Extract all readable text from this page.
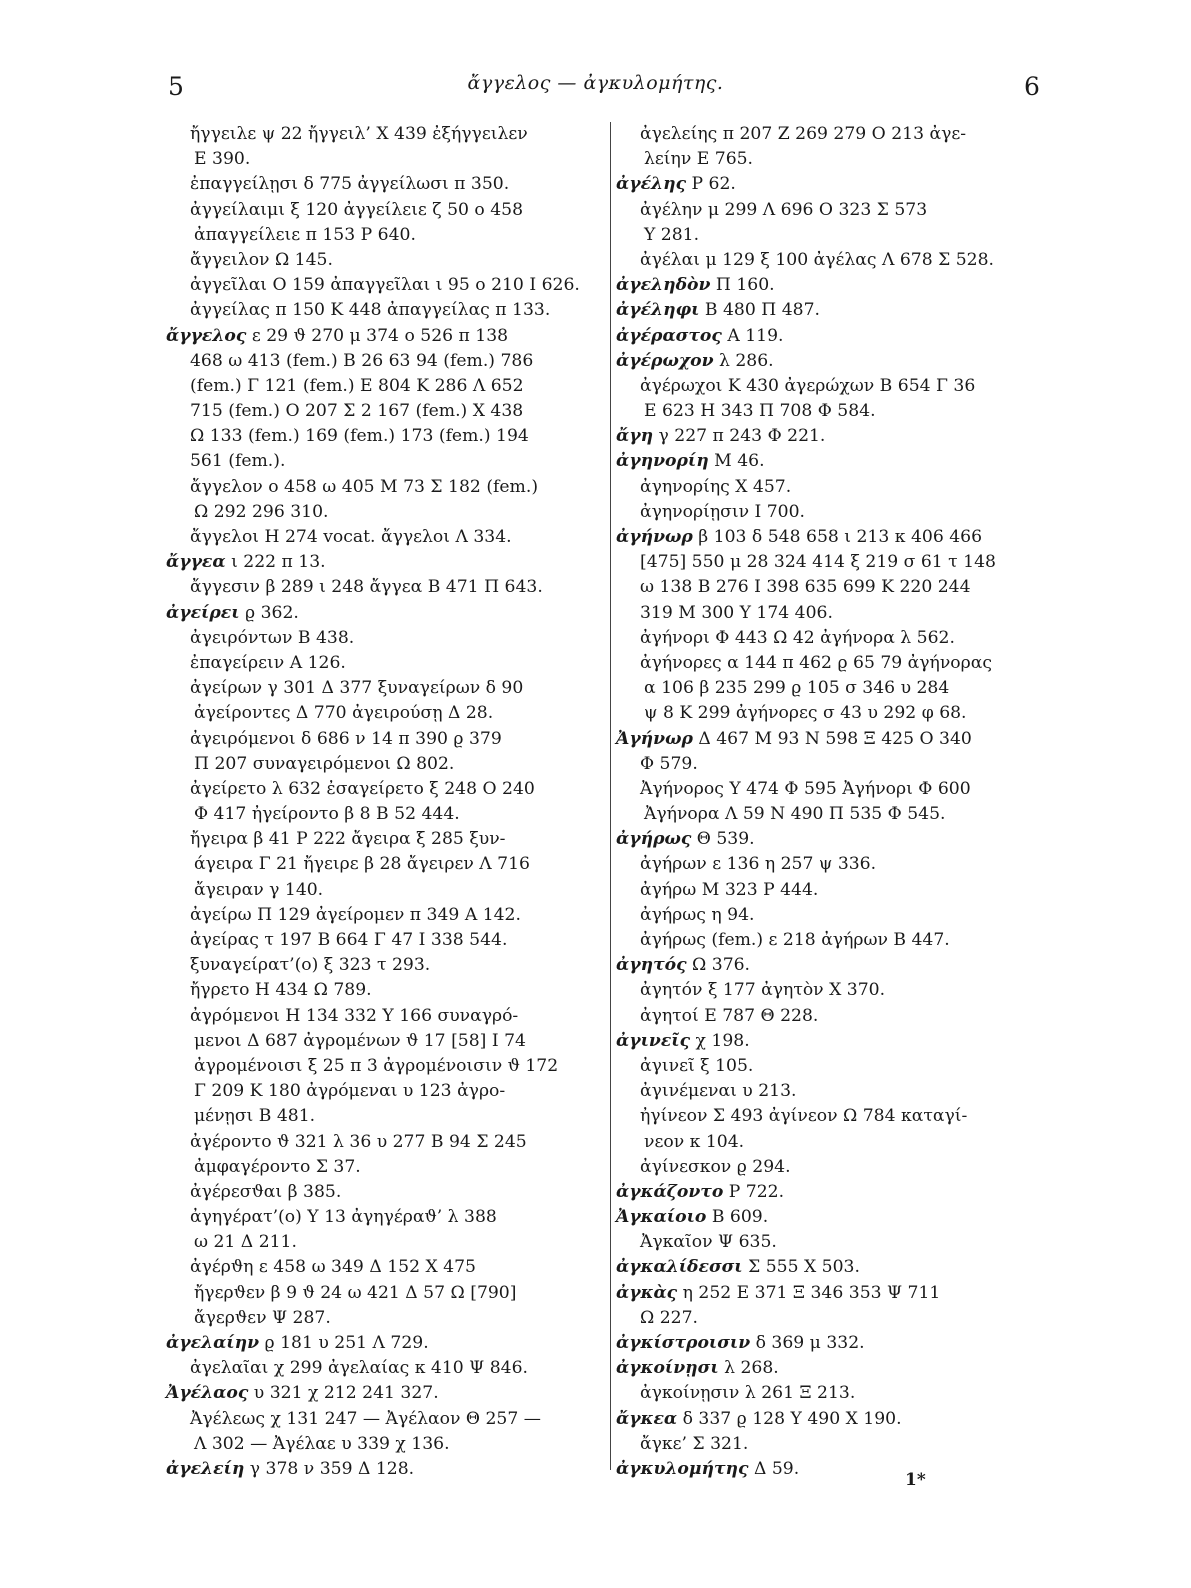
5	ἄγγελος — ἀγκυλομήτης.	6
ἤγγειλε ψ 22 ἤγγειλ’ X 439 ἐξήγγειλεν
E 390.
ἐπαγγείλῃσι δ 775 ἀγγείλωσι π 350.
ἀγγείλαιμι ξ 120 ἀγγείλειε ζ 50 ο 458
ἀπαγγείλειε π 153 P 640.
ἄγγειλον Ω 145.
ἀγγεῖλαι O 159 ἀπαγγεῖλαι ι 95 ο 210 I 626.
ἀγγείλας π 150 K 448 ἀπαγγείλας π 133.
ἄγγελος ε 29 ϑ 270 μ 374 ο 526 π 138
468 ω 413 (fem.) B 26 63 94 (fem.) 786
(fem.) Γ 121 (fem.) E 804 K 286 Λ 652
715 (fem.) O 207 Σ 2 167 (fem.) X 438
Ω 133 (fem.) 169 (fem.) 173 (fem.) 194
561 (fem.).
ἄγγελον ο 458 ω 405 M 73 Σ 182 (fem.)
Ω 292 296 310.
ἄγγελοι H 274 vocat. ἄγγελοι Λ 334.
ἄγγεα ι 222 π 13.
ἄγγεσιν β 289 ι 248 ἄγγεα B 471 Π 643.
ἀγείρει ϱ 362.
ἀγειρόντων B 438.
ἐπαγείρειν A 126.
ἀγείρων γ 301 Δ 377 ξυναγείρων δ 90
ἀγείροντες Δ 770 ἀγειρούσῃ Δ 28.
ἀγειρόμενοι δ 686 ν 14 π 390 ϱ 379
Π 207 συναγειρόμενοι Ω 802.
ἀγείρετο λ 632 ἐσαγείρετο ξ 248 O 240
Φ 417 ἠγείροντο β 8 B 52 444.
ἤγειρα β 41 P 222 ἄγειρα ξ 285 ξυν-
άγειρα Γ 21 ἤγειρε β 28 ἄγειρεν Λ 716
ἄγειραν γ 140.
ἀγείρω Π 129 ἀγείρομεν π 349 A 142.
ἀγείρας τ 197 B 664 Γ 47 I 338 544.
ξυναγείρατ’(ο) ξ 323 τ 293.
ἤγρετο H 434 Ω 789.
ἀγρόμενοι H 134 332 Υ 166 συναγρό-
μενοι Δ 687 ἀγρομένων ϑ 17 [58] I 74
ἀγρομένοισι ξ 25 π 3 ἀγρομένοισιν ϑ 172
Γ 209 K 180 ἀγρόμεναι υ 123 ἀγρο-
μένῃσι B 481.
ἀγέροντο ϑ 321 λ 36 υ 277 B 94 Σ 245
ἀμφαγέροντο Σ 37.
ἀγέρεσϑαι β 385.
ἀγηγέρατ’(ο) Υ 13 ἀγηγέραϑ’ λ 388
ω 21 Δ 211.
ἀγέρϑη ε 458 ω 349 Δ 152 X 475
ἤγερϑεν β 9 ϑ 24 ω 421 Δ 57 Ω [790]
ἄγερϑεν Ψ 287.
ἀγελαίην ϱ 181 υ 251 Λ 729.
ἀγελαῖαι χ 299 ἀγελαίας κ 410 Ψ 846.
Ἀγέλαος υ 321 χ 212 241 327.
Ἀγέλεως χ 131 247 — Ἀγέλαον Θ 257 —
Λ 302 — Ἀγέλαε υ 339 χ 136.
ἀγελείη γ 378 ν 359 Δ 128.
ἀγελείης π 207 Z 269 279 O 213 ἀγε-
λείην E 765.
ἀγέλης P 62.
ἀγέλην μ 299 Λ 696 O 323 Σ 573
Υ 281.
ἀγέλαι μ 129 ξ 100 ἀγέλας Λ 678 Σ 528.
ἀγεληδὸν Π 160.
ἀγέληφι B 480 Π 487.
ἀγέραστος A 119.
ἀγέρωχον λ 286.
ἀγέρωχοι K 430 ἀγερώχων B 654 Γ 36
E 623 H 343 Π 708 Φ 584.
ἄγη γ 227 π 243 Φ 221.
ἀγηνορίη M 46.
ἀγηνορίης X 457.
ἀγηνορίῃσιν I 700.
ἀγήνωρ β 103 δ 548 658 ι 213 κ 406 466
[475] 550 μ 28 324 414 ξ 219 σ 61 τ 148
ω 138 B 276 I 398 635 699 K 220 244
319 M 300 Υ 174 406.
ἀγήνορι Φ 443 Ω 42 ἀγήνορα λ 562.
ἀγήνορες α 144 π 462 ϱ 65 79 ἀγήνορας
α 106 β 235 299 ϱ 105 σ 346 υ 284
ψ 8 K 299 ἀγήνορες σ 43 υ 292 φ 68.
Ἀγήνωρ Δ 467 M 93 N 598 Ξ 425 O 340
Φ 579.
Ἀγήνορος Υ 474 Φ 595 Ἀγήνορι Φ 600
Ἀγήνορα Λ 59 N 490 Π 535 Φ 545.
ἀγήρως Θ 539.
ἀγήρων ε 136 η 257 ψ 336.
ἀγήρω M 323 P 444.
ἀγήρως η 94.
ἀγήρως (fem.) ε 218 ἀγήρων B 447.
ἀγητός Ω 376.
ἀγητόν ξ 177 ἀγητὸν X 370.
ἀγητοί E 787 Θ 228.
ἀγινεῖς χ 198.
ἀγινεῖ ξ 105.
ἀγινέμεναι υ 213.
ἠγίνεον Σ 493 ἀγίνεον Ω 784 καταγί-
νεον κ 104.
ἀγίνεσκον ϱ 294.
ἀγκάζοντο P 722.
Ἀγκαίοιο B 609.
Ἀγκαῖον Ψ 635.
ἀγκαλίδεσσι Σ 555 X 503.
ἀγκὰς η 252 E 371 Ξ 346 353 Ψ 711
Ω 227.
ἀγκίστροισιν δ 369 μ 332.
ἀγκοίνῃσι λ 268.
ἀγκοίνῃσιν λ 261 Ξ 213.
ἄγκεα δ 337 ϱ 128 Υ 490 X 190.
ἄγκε’ Σ 321.
ἀγκυλομήτης Δ 59.
1*
